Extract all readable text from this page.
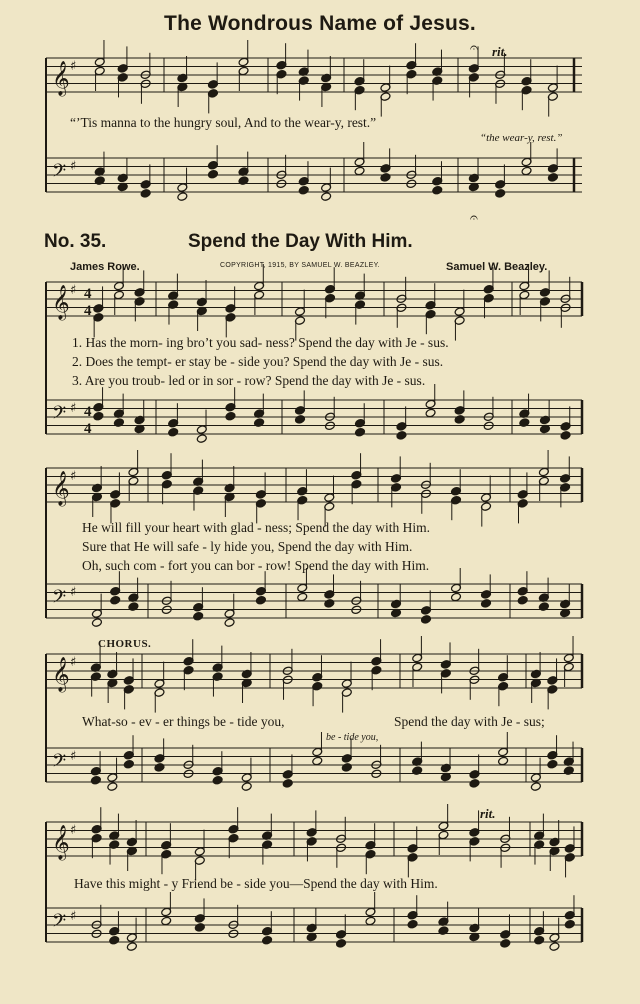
𝄞 ♯
𝄢 ♯
𝄞 ♯
𝄢 ♯
𝄞 ♯
𝄢 ♯
𝄞 ♯
𝄢 ♯
𝄞 ♯
𝄢 ♯
4
4
4
4
𝄐
𝄐
The Wondrous Name of Jesus.
rit.
“’Tis manna to the hungry soul, And to the wear-y, rest.”
“the wear-y, rest.”
No. 35.	Spend the Day With Him.
James Rowe.	COPYRIGHT, 1915, BY SAMUEL W. BEAZLEY.	Samuel W. Beazley.
1. Has the morn- ing bro’t you sad- ness? Spend the day with Je - sus.
2. Does the tempt- er stay be - side you? Spend the day with Je - sus.
3. Are you troub- led or in sor - row? Spend the day with Je - sus.
He will fill your heart with glad - ness; Spend the day with Him.
Sure that He will safe - ly hide you, Spend the day with Him.
Oh, such com - fort you can bor - row! Spend the day with Him.
CHORUS.
What-so - ev - er things be - tide you,	Spend the day with Je - sus;
be - tide you,
rit.
Have this might - y Friend be - side you—Spend the day with Him.
